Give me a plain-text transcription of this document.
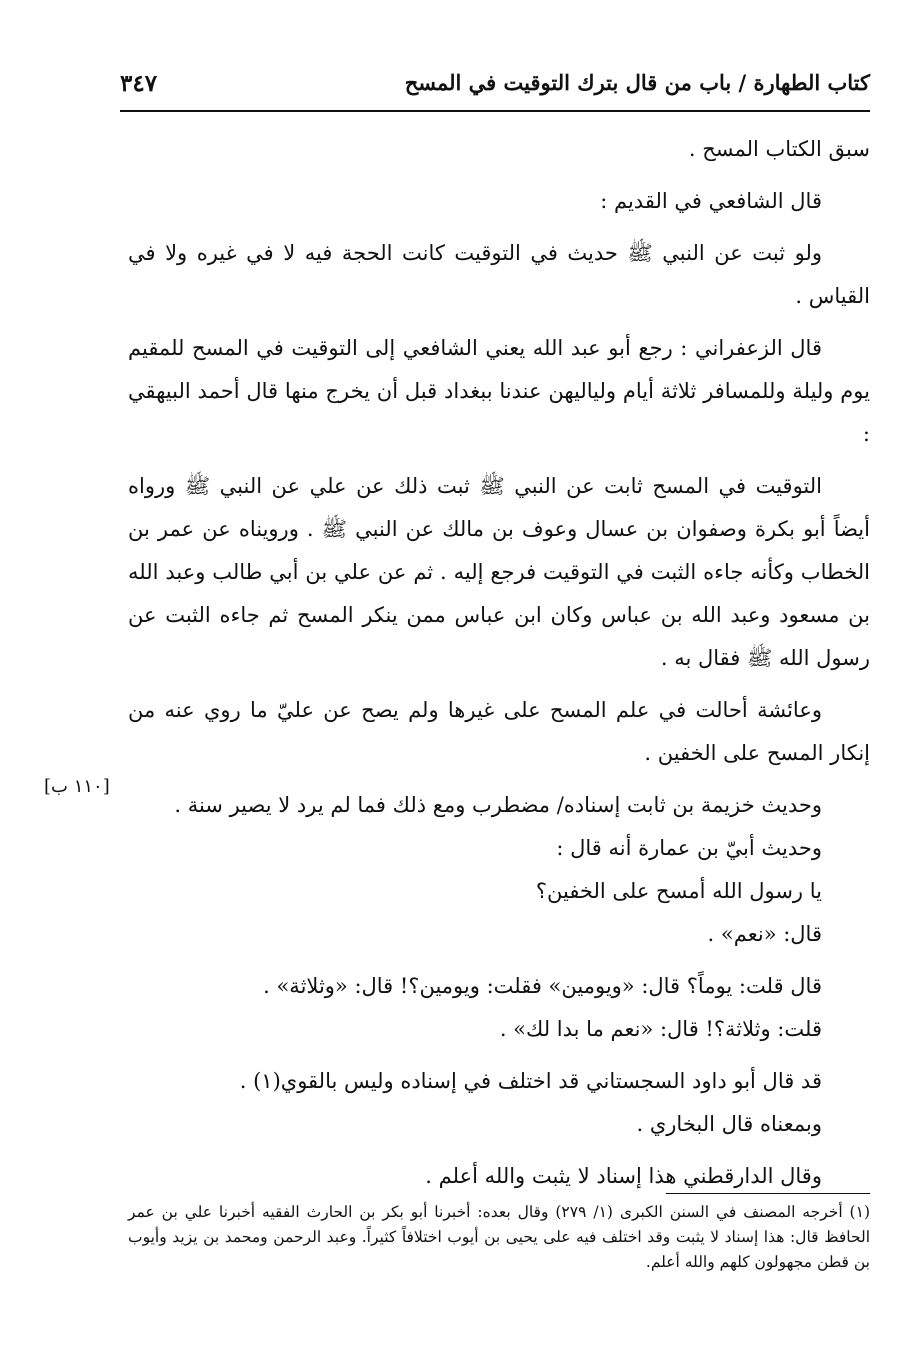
كتاب الطهارة / باب من قال بترك التوقيت في المسح
٣٤٧

سبق الكتاب المسح .

قال الشافعي في القديم :

ولو ثبت عن النبي ﷺ حديث في التوقيت كانت الحجة فيه لا في غيره ولا في القياس .

قال الزعفراني : رجع أبو عبد الله يعني الشافعي إلى التوقيت في المسح للمقيم يوم وليلة وللمسافر ثلاثة أيام ولياليهن عندنا ببغداد قبل أن يخرج منها قال أحمد البيهقي :

التوقيت في المسح ثابت عن النبي ﷺ ثبت ذلك عن علي عن النبي ﷺ ورواه أيضاً أبو بكرة وصفوان بن عسال وعوف بن مالك عن النبي ﷺ . ورويناه عن عمر بن الخطاب وكأنه جاءه الثبت في التوقيت فرجع إليه . ثم عن علي بن أبي طالب وعبد الله بن مسعود وعبد الله بن عباس وكان ابن عباس ممن ينكر المسح ثم جاءه الثبت عن رسول الله ﷺ فقال به .

وعائشة أحالت في علم المسح على غيرها ولم يصح عن عليّ ما روي عنه من إنكار المسح على الخفين .

وحديث خزيمة بن ثابت إسناده/ مضطرب ومع ذلك فما لم يرد لا يصير سنة .

وحديث أبيّ بن عمارة أنه قال :

يا رسول الله أمسح على الخفين؟

قال: «نعم» .

قال قلت: يوماً؟ قال: «ويومين» فقلت: ويومين؟! قال: «وثلاثة» .

قلت: وثلاثة؟! قال: «نعم ما بدا لك» .

قد قال أبو داود السجستاني قد اختلف في إسناده وليس بالقوي(١) .

وبمعناه قال البخاري .

وقال الدارقطني هذا إسناد لا يثبت والله أعلم .

[١١٠ ب]

(١) أخرجه المصنف في السنن الكبرى (١/ ٢٧٩) وقال بعده: أخبرنا أبو بكر بن الحارث الفقيه أخبرنا علي بن عمر الحافظ قال: هذا إسناد لا يثبت وقد اختلف فيه على يحيى بن أيوب اختلافاً كثيراً. وعبد الرحمن ومحمد بن يزيد وأيوب بن قطن مجهولون كلهم والله أعلم.
